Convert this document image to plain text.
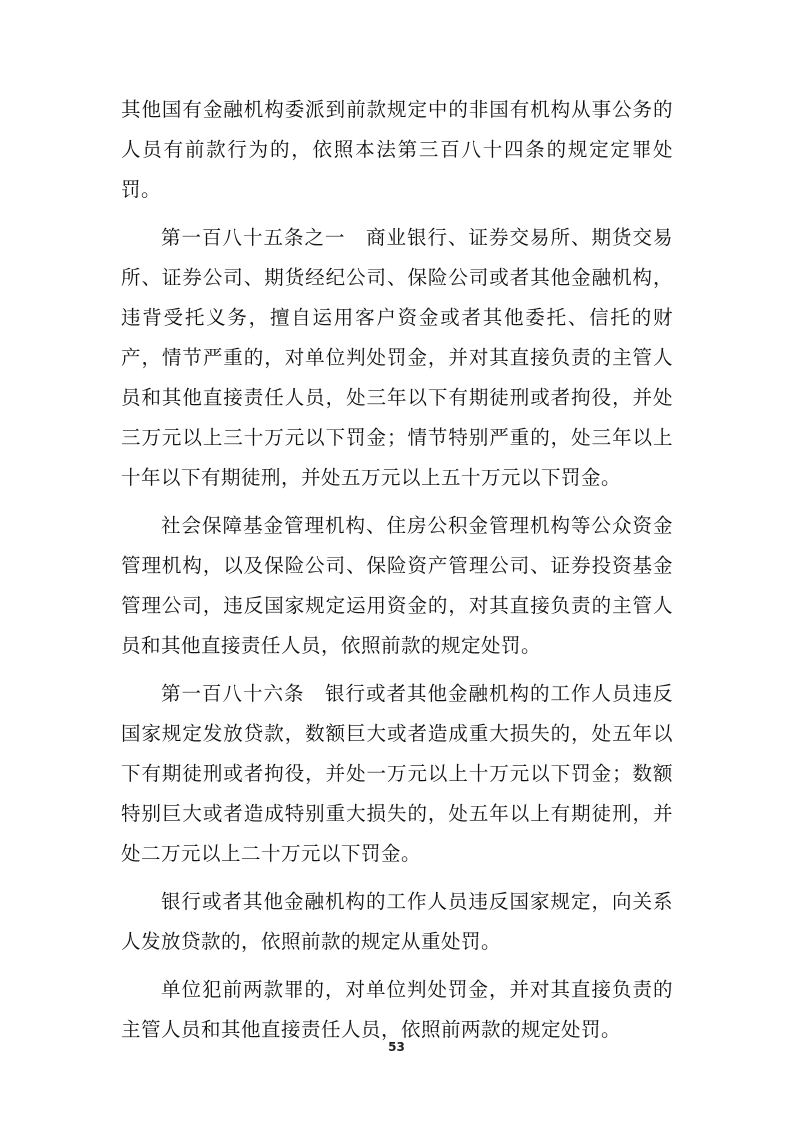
其他国有金融机构委派到前款规定中的非国有机构从事公务的人员有前款行为的，依照本法第三百八十四条的规定定罪处罚。

第一百八十五条之一　商业银行、证券交易所、期货交易所、证券公司、期货经纪公司、保险公司或者其他金融机构，违背受托义务，擅自运用客户资金或者其他委托、信托的财产，情节严重的，对单位判处罚金，并对其直接负责的主管人员和其他直接责任人员，处三年以下有期徒刑或者拘役，并处三万元以上三十万元以下罚金；情节特别严重的，处三年以上十年以下有期徒刑，并处五万元以上五十万元以下罚金。

社会保障基金管理机构、住房公积金管理机构等公众资金管理机构，以及保险公司、保险资产管理公司、证券投资基金管理公司，违反国家规定运用资金的，对其直接负责的主管人员和其他直接责任人员，依照前款的规定处罚。

第一百八十六条　银行或者其他金融机构的工作人员违反国家规定发放贷款，数额巨大或者造成重大损失的，处五年以下有期徒刑或者拘役，并处一万元以上十万元以下罚金；数额特别巨大或者造成特别重大损失的，处五年以上有期徒刑，并处二万元以上二十万元以下罚金。

银行或者其他金融机构的工作人员违反国家规定，向关系人发放贷款的，依照前款的规定从重处罚。

单位犯前两款罪的，对单位判处罚金，并对其直接负责的主管人员和其他直接责任人员，依照前两款的规定处罚。

53
